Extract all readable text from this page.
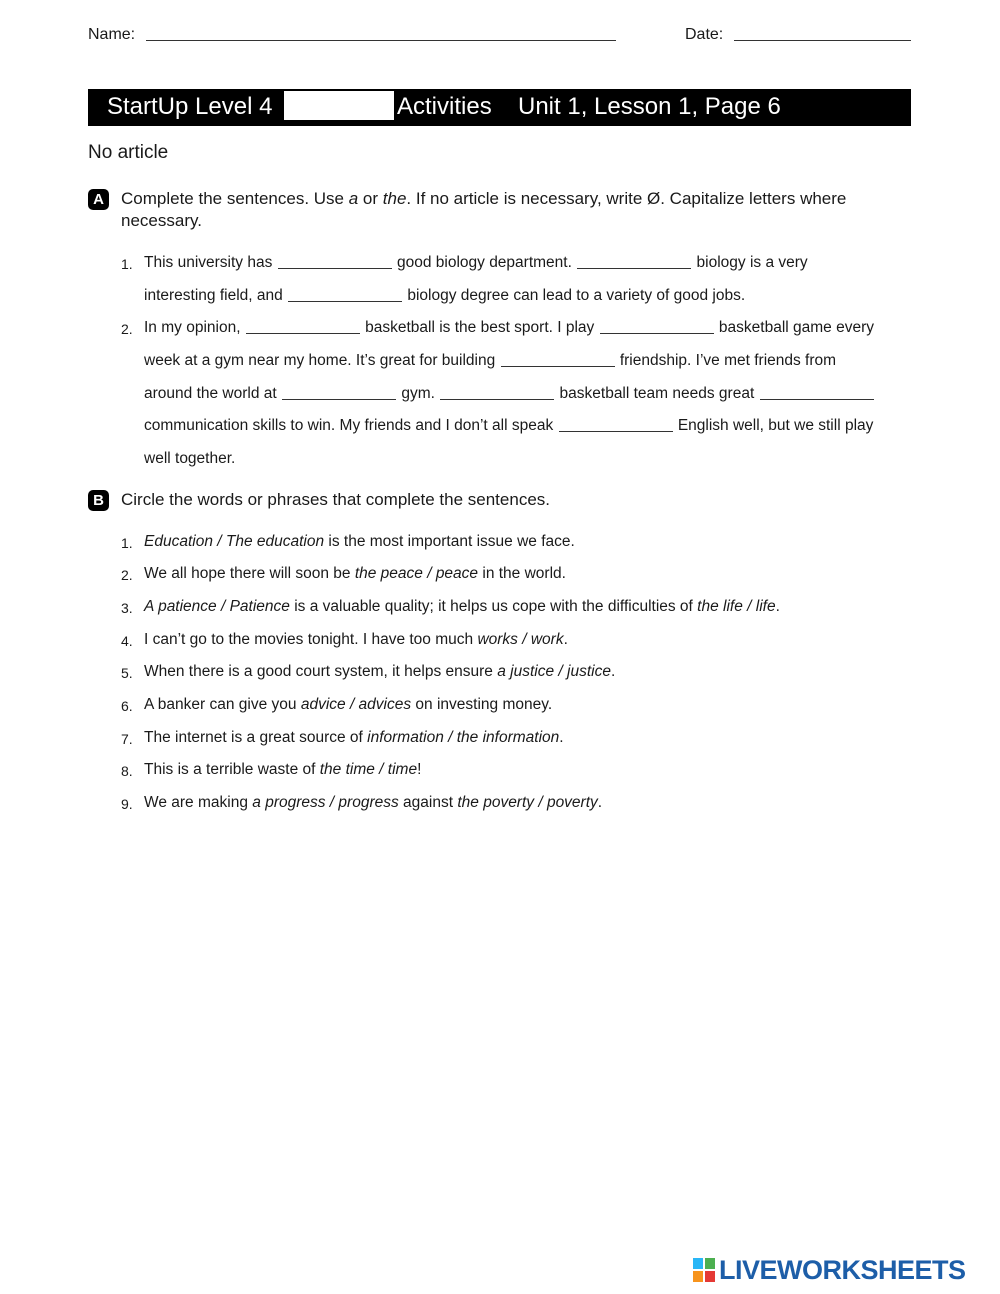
Name:	Date:
StartUp Level 4	Activities Unit 1, Lesson 1, Page 6
No article
A Complete the sentences. Use a or the. If no article is necessary, write Ø. Capitalize letters where necessary.
1. This university has	good biology department.	biology is a very
interesting field, and	biology degree can lead to a variety of good jobs.
2. In my opinion,	basketball is the best sport. I play	basketball game every
week at a gym near my home. It’s great for building	friendship. I’ve met friends from
around the world at	gym.	basketball team needs great
communication skills to win. My friends and I don’t all speak	English well, but we still play
well together.
B Circle the words or phrases that complete the sentences.
1. Education / The education is the most important issue we face.
2. We all hope there will soon be the peace / peace in the world.
3. A patience / Patience is a valuable quality; it helps us cope with the difficulties of the life / life.
4. I can’t go to the movies tonight. I have too much works / work.
5. When there is a good court system, it helps ensure a justice / justice.
6. A banker can give you advice / advices on investing money.
7. The internet is a great source of information / the information.
8. This is a terrible waste of the time / time!
9. We are making a progress / progress against the poverty / poverty.
LIVEWORKSHEETS
